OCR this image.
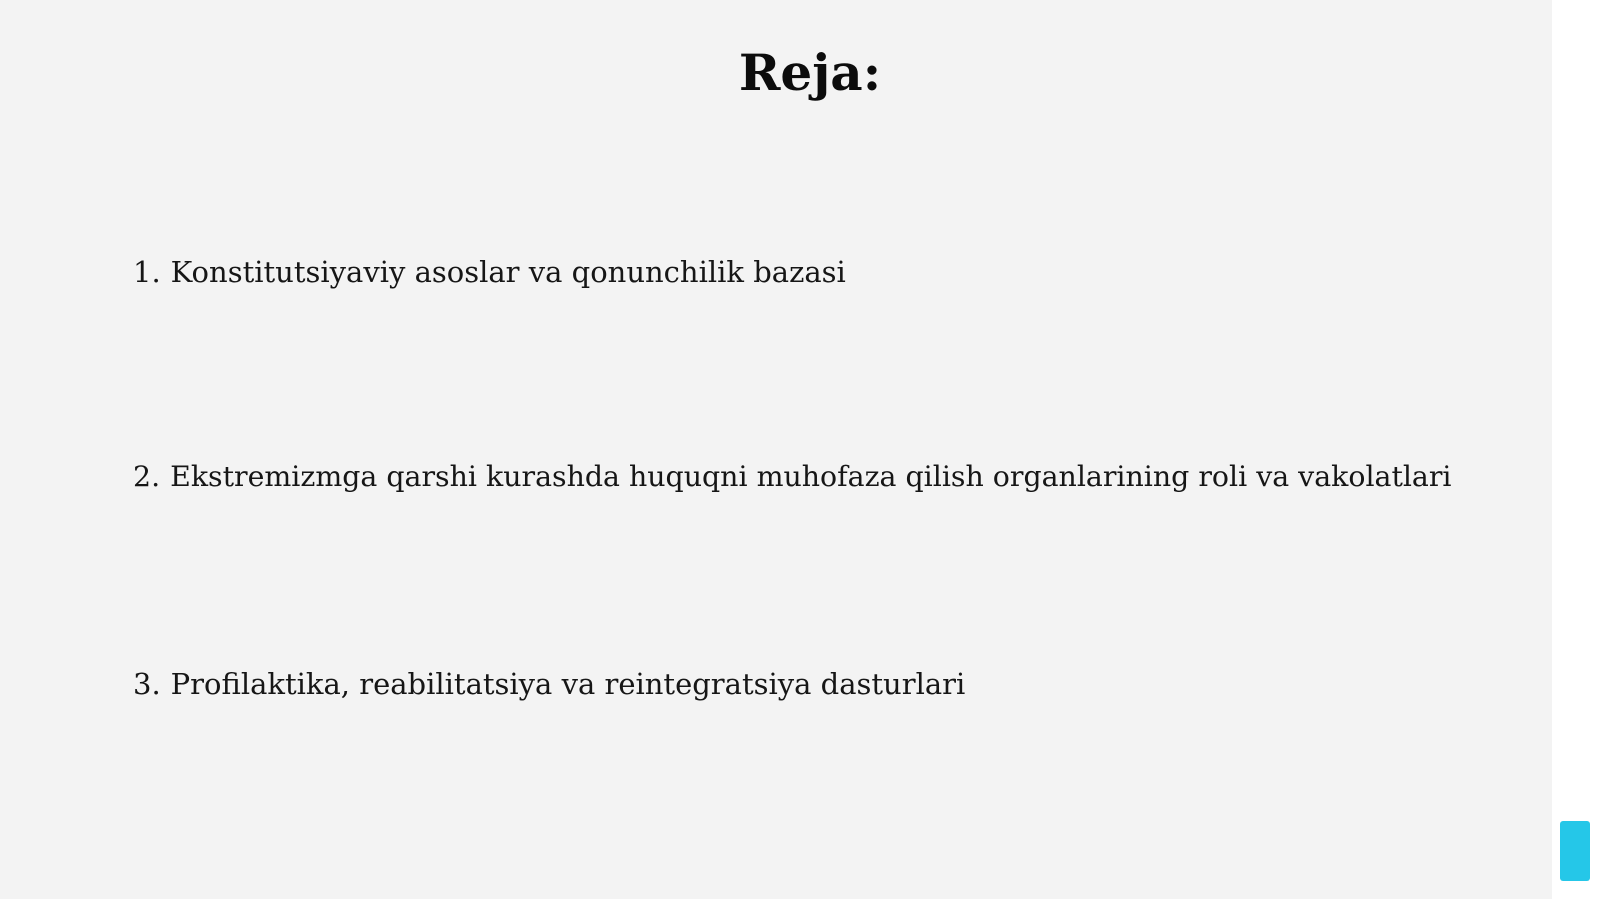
Reja:

1. Konstitutsiyaviy asoslar va qonunchilik bazasi

2. Ekstremizmga qarshi kurashda huquqni muhofaza qilish organlarining roli va vakolatlari

3. Profilaktika, reabilitatsiya va reintegratsiya dasturlari
